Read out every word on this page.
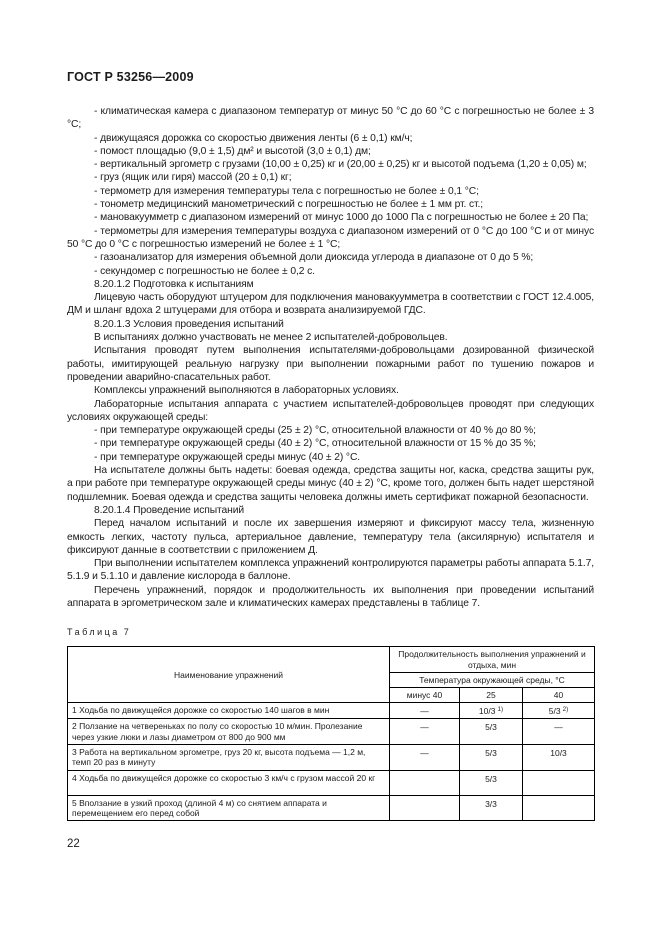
ГОСТ Р 53256—2009

- климатическая камера с диапазоном температур от минус 50 °С до 60 °С с погрешностью не более ± 3 °С;

- движущаяся дорожка со скоростью движения ленты (6 ± 0,1) км/ч;

- помост площадью (9,0 ± 1,5) дм² и высотой (3,0 ± 0,1) дм;

- вертикальный эргометр с грузами (10,00 ± 0,25) кг и (20,00 ± 0,25) кг и высотой подъема (1,20 ± 0,05) м;

- груз (ящик или гиря) массой (20 ± 0,1) кг;

- термометр для измерения температуры тела с погрешностью не более ± 0,1 °С;

- тонометр медицинский манометрический с погрешностью не более ± 1 мм рт. ст.;

- мановакуумметр с диапазоном измерений от минус 1000 до 1000 Па с погрешностью не более ± 20 Па;

- термометры для измерения температуры воздуха с диапазоном измерений от 0 °С до 100 °С и от минус 50 °С до 0 °С с погрешностью измерений не более ± 1 °С;

- газоанализатор для измерения объемной доли диоксида углерода в диапазоне от 0 до 5 %;

- секундомер с погрешностью не более ± 0,2 с.

8.20.1.2 Подготовка к испытаниям

Лицевую часть оборудуют штуцером для подключения мановакуумметра в соответствии с ГОСТ 12.4.005, ДМ и шланг вдоха 2 штуцерами для отбора и возврата анализируемой ГДС.

8.20.1.3 Условия проведения испытаний

В испытаниях должно участвовать не менее 2 испытателей-добровольцев.

Испытания проводят путем выполнения испытателями-добровольцами дозированной физической работы, имитирующей реальную нагрузку при выполнении пожарными работ по тушению пожаров и проведении аварийно-спасательных работ.

Комплексы упражнений выполняются в лабораторных условиях.

Лабораторные испытания аппарата с участием испытателей-добровольцев проводят при следующих условиях окружающей среды:

- при температуре окружающей среды (25 ± 2) °С, относительной влажности от 40 % до 80 %;

- при температуре окружающей среды (40 ± 2) °С, относительной влажности от 15 % до 35 %;

- при температуре окружающей среды минус (40 ± 2) °С.

На испытателе должны быть надеты: боевая одежда, средства защиты ног, каска, средства защиты рук, а при работе при температуре окружающей среды минус (40 ± 2) °С, кроме того, должен быть надет шерстяной подшлемник. Боевая одежда и средства защиты человека должны иметь сертификат пожарной безопасности.

8.20.1.4 Проведение испытаний

Перед началом испытаний и после их завершения измеряют и фиксируют массу тела, жизненную емкость легких, частоту пульса, артериальное давление, температуру тела (аксилярную) испытателя и фиксируют данные в соответствии с приложением Д.

При выполнении испытателем комплекса упражнений контролируются параметры работы аппарата 5.1.7, 5.1.9 и 5.1.10 и давление кислорода в баллоне.

Перечень упражнений, порядок и продолжительность их выполнения при проведении испытаний аппарата в эргометрическом зале и климатических камерах представлены в таблице 7.

Таблица 7
Наименование упражнений	Продолжительность выполнения упражнений и отдыха, мин		
	Температура окружающей среды, °С		
	минус 40	25	40
1 Ходьба по движущейся дорожке со скоростью 140 шагов в мин	—	10/3 $^{1)}$	5/3 $^{2)}$
2 Ползание на четвереньках по полу со скоростью 10 м/мин. Пролезание через узкие люки и лазы диаметром от 800 до 900 мм	—	5/3	—
3 Работа на вертикальном эргометре, груз 20 кг, высота подъема — 1,2 м, темп 20 раз в минуту	—	5/3	10/3
4 Ходьба по движущейся дорожке со скоростью 3 км/ч с грузом массой 20 кг		5/3	
5 Вползание в узкий проход (длиной 4 м) со снятием аппарата и перемещением его перед собой		3/3	
22
